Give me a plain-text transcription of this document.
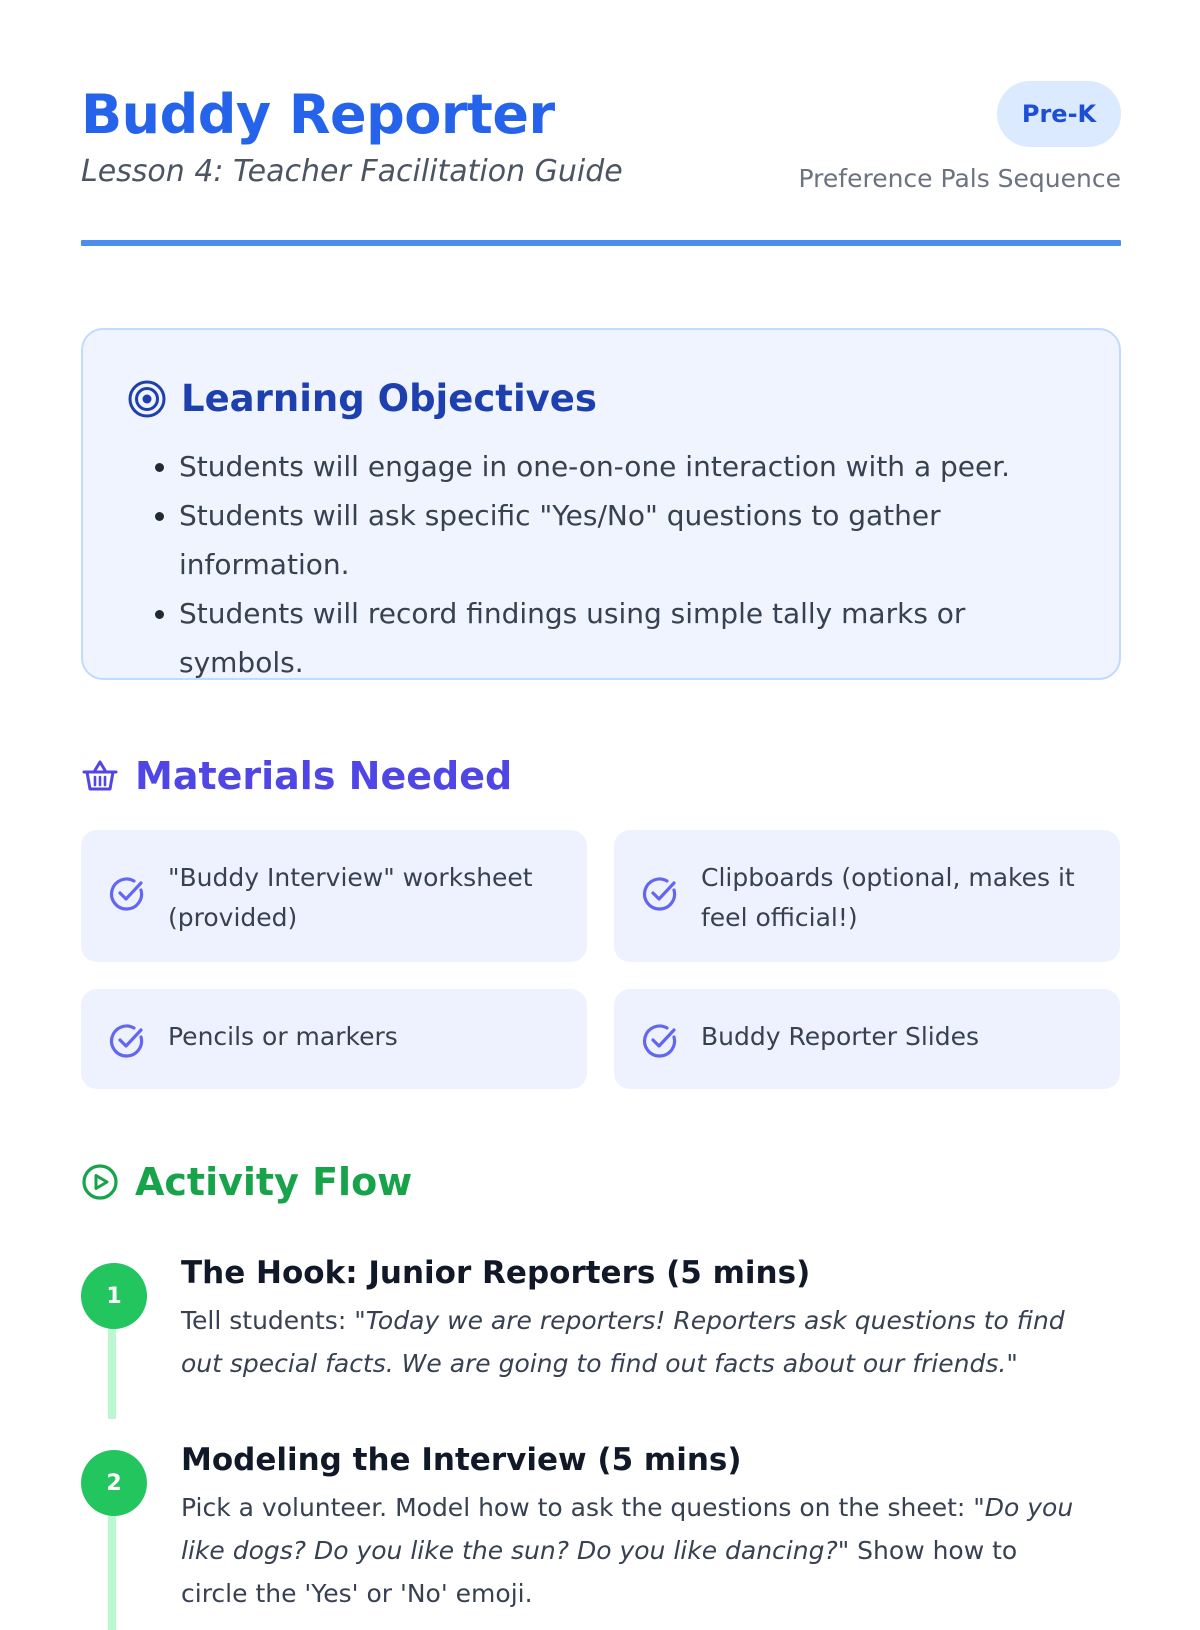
Buddy Reporter

Lesson 4: Teacher Facilitation Guide

Pre-K
Preference Pals Sequence
Learning Objectives
• Students will engage in one-on-one interaction with a peer.
• Students will ask specific "Yes/No" questions to gather information.
• Students will record findings using simple tally marks or symbols.
Materials Needed
"Buddy Interview" worksheet (provided)
Clipboards (optional, makes it feel official!)
Pencils or markers	Buddy Reporter Slides
Activity Flow
1
The Hook: Junior Reporters (5 mins)
Tell students: "Today we are reporters! Reporters ask questions to find out special facts. We are going to find out facts about our friends."
2
Modeling the Interview (5 mins)
Pick a volunteer. Model how to ask the questions on the sheet: "Do you like dogs? Do you like the sun? Do you like dancing?" Show how to circle the 'Yes' or 'No' emoji.
